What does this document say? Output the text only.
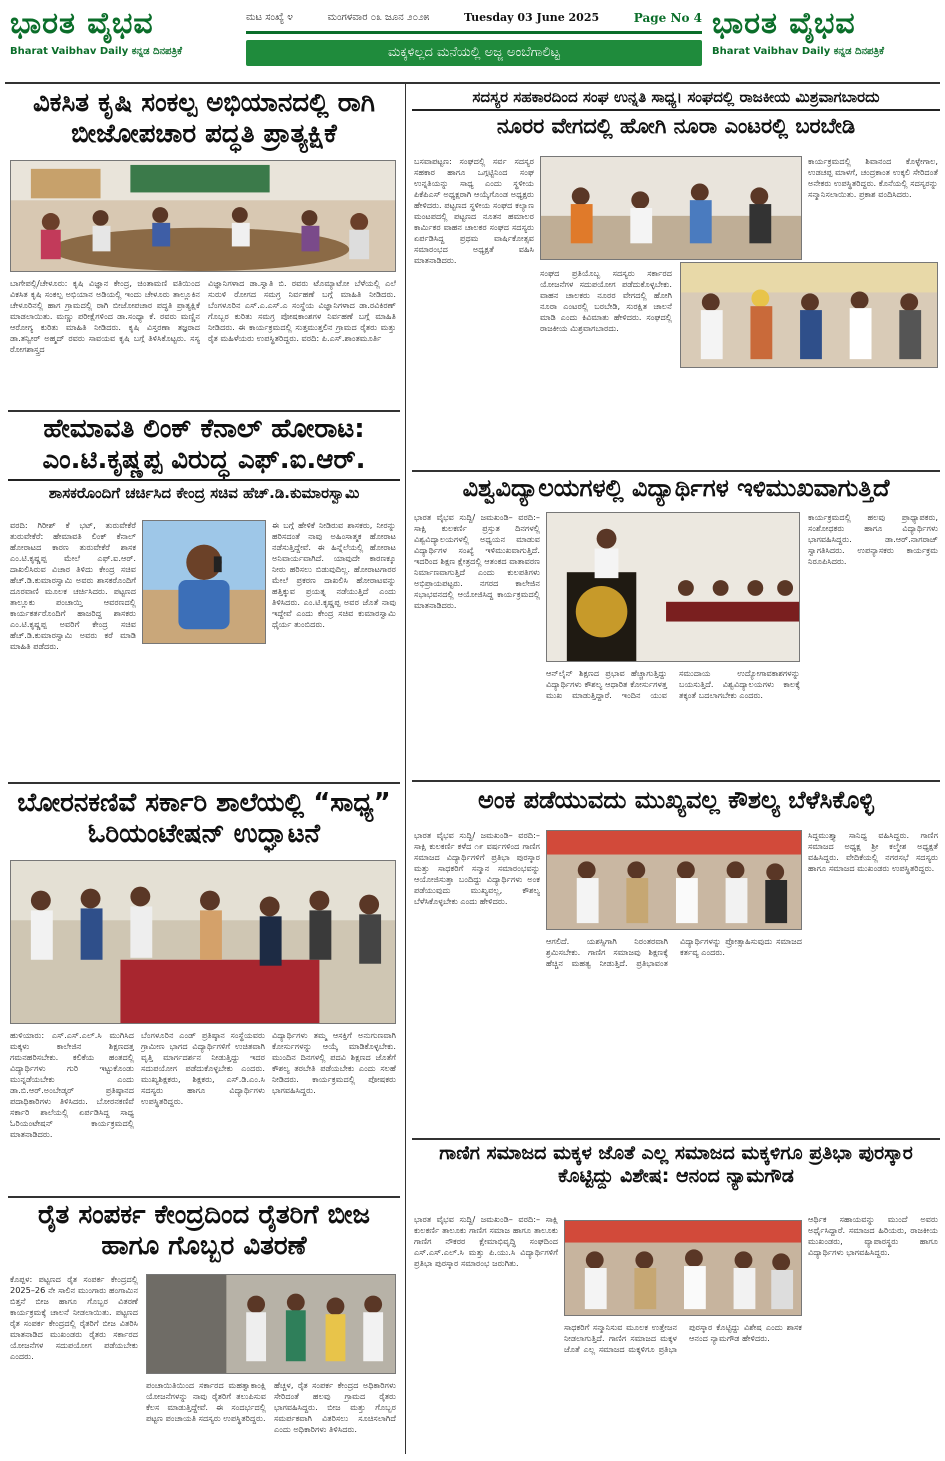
ಭಾರತ ವೈಭವ
Bharat Vaibhav Daily ಕನ್ನಡ ದಿನಪತ್ರಿಕೆ
ಮಟ ಸಂಖ್ಯೆ ೪	ಮಂಗಳವಾರ ೦೩ ಜೂನ ೨೦೨೫	Tuesday 03 June 2025	Page No 4
ಮಕ್ಕಳಿಲ್ಲದ ಮನೆಯಲ್ಲಿ ಅಜ್ಜ ಅಂಬೆಗಾಲಿಟ್ಟ
ಭಾರತ ವೈಭವ
Bharat Vaibhav Daily ಕನ್ನಡ ದಿನಪತ್ರಿಕೆ
ವಿಕಸಿತ ಕೃಷಿ ಸಂಕಲ್ಪ ಅಭಿಯಾನದಲ್ಲಿ ರಾಗಿ ಬೀಜೋಪಚಾರ ಪದ್ಧತಿ ಪ್ರಾತ್ಯಕ್ಷಿಕೆ
ಬಾಗೇಪಲ್ಲಿ/ಚೇಳೂರು: ಕೃಷಿ ವಿಜ್ಞಾನ ಕೇಂದ್ರ, ಚಿಂತಾಮಣಿ ವತಿಯಿಂದ ವಿಕಸಿತ ಕೃಷಿ ಸಂಕಲ್ಪ ಅಭಿಯಾನ ಅಡಿಯಲ್ಲಿ ಇಂದು ಚೇಳೂರು ತಾಲ್ಲೂಕಿನ ಚೇಳೂರಿನಲ್ಲಿ ಹಾಗ ಗ್ರಾಮದಲ್ಲಿ ರಾಗಿ ಬೀಜೋಪಚಾರ ಪದ್ಧತಿ ಪ್ರಾತ್ಯಕ್ಷಿಕೆ ಮಾಡಲಾಯಿತು. ಮಣ್ಣು ಪರೀಕ್ಷೆಗಳಿಂದ ಡಾ.ಸಂಧ್ಯಾ ಕೆ. ರವರು ಮಣ್ಣಿನ ಆರೋಗ್ಯ ಕುರಿತು ಮಾಹಿತಿ ನೀಡಿದರು. ಕೃಷಿ ವಿಸ್ತರಣಾ ತಜ್ಞರಾದ ಡಾ.ತನ್ವೀರ್ ಅಹ್ಮದ್ ರವರು ಸಾವಯವ ಕೃಷಿ ಬಗ್ಗೆ ತಿಳಿಸಿಕೊಟ್ಟರು. ಸಸ್ಯ ರೋಗಶಾಸ್ತ್ರದ
ವಿಜ್ಞಾನಿಗಳಾದ ಡಾ.ಸ್ವಾತಿ ಬಿ. ರವರು ಟೊಮ್ಯಾಟೋ ಬೆಳೆಯಲ್ಲಿ ಎಲೆ ಸುರುಳಿ ರೋಗದ ಸಮಗ್ರ ನಿರ್ವಹಣೆ ಬಗ್ಗೆ ಮಾಹಿತಿ ನೀಡಿದರು. ಬೆಂಗಳೂರಿನ ಎಸ್.ಎ.ಎಸ್.ಎ ಸಂಸ್ಥೆಯ ವಿಜ್ಞಾನಿಗಳಾದ ಡಾ.ರವಿಕಿರಣ್ ಗೊಬ್ಬರ ಕುರಿತು ಸಮಗ್ರ ಪೋಷಕಾಂಶಗಳ ನಿರ್ವಹಣೆ ಬಗ್ಗೆ ಮಾಹಿತಿ ನೀಡಿದರು. ಈ ಕಾರ್ಯಕ್ರಮದಲ್ಲಿ ಸುತ್ತಮುತ್ತಲಿನ ಗ್ರಾಮದ ರೈತರು ಮತ್ತು ರೈತ ಮಹಿಳೆಯರು ಉಪಸ್ಥಿತರಿದ್ದರು. ವರದಿ: ಪಿ.ಎಸ್.ಶಾಂತಮೂರ್ತಿ
ಹೇಮಾವತಿ ಲಿಂಕ್ ಕೆನಾಲ್ ಹೋರಾಟ: ಎಂ.ಟಿ.ಕೃಷ್ಣಪ್ಪ ವಿರುದ್ಧ ಎಫ್.ಐ.ಆರ್.
ಶಾಸಕರೊಂದಿಗೆ ಚರ್ಚಿಸಿದ ಕೇಂದ್ರ ಸಚಿವ ಹೆಚ್.ಡಿ.ಕುಮಾರಸ್ವಾಮಿ
ವರದಿ: ಗಿರೀಶ್ ಕೆ ಭಟ್, ತುರುವೇಕೆರೆ ತುರುವೇಕೆರೆ: ಹೇಮಾವತಿ ಲಿಂಕ್ ಕೆನಾಲ್ ಹೋರಾಟದ ಕಾರಣ ತುರುವೇಕೆರೆ ಶಾಸಕ ಎಂ.ಟಿ.ಕೃಷ್ಣಪ್ಪ ಮೇಲೆ ಎಫ್.ಐ.ಆರ್. ದಾಖಲಿಸಿರುವ ವಿಚಾರ ತಿಳಿದು ಕೇಂದ್ರ ಸಚಿವ ಹೆಚ್.ಡಿ.ಕುಮಾರಸ್ವಾಮಿ ಅವರು ಶಾಸಕರೊಂದಿಗೆ ದೂರವಾಣಿ ಮೂಲಕ ಚರ್ಚಿಸಿದರು. ಪಟ್ಟಣದ ತಾಲ್ಲೂಕು ಪಂಚಾಯ್ತಿ ಆವರಣದಲ್ಲಿ ಕಾರ್ಯಕರ್ತರೊಂದಿಗೆ ಹಾಜರಿದ್ದ ಶಾಸಕರು ಎಂ.ಟಿ.ಕೃಷ್ಣಪ್ಪ ಅವರಿಗೆ ಕೇಂದ್ರ ಸಚಿವ ಹೆಚ್.ಡಿ.ಕುಮಾರಸ್ವಾಮಿ ಅವರು ಕರೆ ಮಾಡಿ ಮಾಹಿತಿ ಪಡೆದರು.
ಈ ಬಗ್ಗೆ ಹೇಳಿಕೆ ನೀಡಿರುವ ಶಾಸಕರು, ನೀರನ್ನು ಹರಿಸದಂತೆ ನಾವು ಅಹಿಂಸಾತ್ಮಕ ಹೋರಾಟ ನಡೆಸುತ್ತಿದ್ದೇವೆ. ಈ ಹಿನ್ನೆಲೆಯಲ್ಲಿ ಹೋರಾಟ ಅನಿವಾರ್ಯವಾಗಿದೆ. ಯಾವುದೇ ಕಾರಣಕ್ಕೂ ನೀರು ಹರಿಸಲು ಬಿಡುವುದಿಲ್ಲ. ಹೋರಾಟಗಾರರ ಮೇಲೆ ಪ್ರಕರಣ ದಾಖಲಿಸಿ ಹೋರಾಟವನ್ನು ಹತ್ತಿಕ್ಕುವ ಪ್ರಯತ್ನ ನಡೆಯುತ್ತಿದೆ ಎಂದು ತಿಳಿಸಿದರು. ಎಂ.ಟಿ.ಕೃಷ್ಣಪ್ಪ ಅವರ ಜೊತೆ ನಾವು ಇದ್ದೇವೆ ಎಂದು ಕೇಂದ್ರ ಸಚಿವ ಕುಮಾರಸ್ವಾಮಿ ಧೈರ್ಯ ತುಂಬಿದರು.
ಬೋರನಕಣಿವೆ ಸರ್ಕಾರಿ ಶಾಲೆಯಲ್ಲಿ “ಸಾಧ್ಯ” ಓರಿಯಂಟೇಷನ್ ಉದ್ಘಾಟನೆ
ಹುಳಿಯಾರು: ಎಸ್.ಎಸ್.ಎಲ್.ಸಿ ಮುಗಿಸಿದ ಮಕ್ಕಳು ಕಾಲೇಜಿನ ಶಿಕ್ಷಣದತ್ತ ಗಮನಹರಿಸಬೇಕು. ಕಲಿಕೆಯ ಹಂತದಲ್ಲಿ ವಿದ್ಯಾರ್ಥಿಗಳು ಗುರಿ ಇಟ್ಟುಕೊಂಡು ಮುನ್ನಡೆಯಬೇಕು ಎಂದು ಡಾ.ಬಿ.ಆರ್.ಅಂಬೇಡ್ಕರ್ ಪ್ರತಿಷ್ಠಾನದ ಪದಾಧಿಕಾರಿಗಳು ತಿಳಿಸಿದರು. ಬೋರನಕಣಿವೆ ಸರ್ಕಾರಿ ಶಾಲೆಯಲ್ಲಿ ಏರ್ಪಡಿಸಿದ್ದ ಸಾಧ್ಯ ಓರಿಯಂಟೇಷನ್ ಕಾರ್ಯಕ್ರಮದಲ್ಲಿ ಮಾತನಾಡಿದರು.
ಬೆಂಗಳೂರಿನ ಎಂಡ್ ಪ್ರತಿಷ್ಠಾನ ಸಂಸ್ಥೆಯವರು ಗ್ರಾಮೀಣ ಭಾಗದ ವಿದ್ಯಾರ್ಥಿಗಳಿಗೆ ಉಚಿತವಾಗಿ ವೃತ್ತಿ ಮಾರ್ಗದರ್ಶನ ನೀಡುತ್ತಿದ್ದು ಇದರ ಸದುಪಯೋಗ ಪಡೆದುಕೊಳ್ಳಬೇಕು ಎಂದರು. ಮುಖ್ಯಶಿಕ್ಷಕರು, ಶಿಕ್ಷಕರು, ಎಸ್.ಡಿ.ಎಂ.ಸಿ ಸದಸ್ಯರು ಹಾಗೂ ವಿದ್ಯಾರ್ಥಿಗಳು ಉಪಸ್ಥಿತರಿದ್ದರು.
ವಿದ್ಯಾರ್ಥಿಗಳು ತಮ್ಮ ಆಸಕ್ತಿಗೆ ಅನುಗುಣವಾಗಿ ಕೋರ್ಸುಗಳನ್ನು ಆಯ್ಕೆ ಮಾಡಿಕೊಳ್ಳಬೇಕು. ಮುಂದಿನ ದಿನಗಳಲ್ಲಿ ಪದವಿ ಶಿಕ್ಷಣದ ಜೊತೆಗೆ ಕೌಶಲ್ಯ ತರಬೇತಿ ಪಡೆಯಬೇಕು ಎಂದು ಸಲಹೆ ನೀಡಿದರು. ಕಾರ್ಯಕ್ರಮದಲ್ಲಿ ಪೋಷಕರು ಭಾಗವಹಿಸಿದ್ದರು.
ರೈತ ಸಂಪರ್ಕ ಕೇಂದ್ರದಿಂದ ರೈತರಿಗೆ ಬೀಜ ಹಾಗೂ ಗೊಬ್ಬರ ವಿತರಣೆ
ಕೊಪ್ಪಳ: ಪಟ್ಟಣದ ರೈತ ಸಂಪರ್ಕ ಕೇಂದ್ರದಲ್ಲಿ 2025–26 ನೇ ಸಾಲಿನ ಮುಂಗಾರು ಹಂಗಾಮಿನ ಬಿತ್ತನೆ ಬೀಜ ಹಾಗೂ ಗೊಬ್ಬರ ವಿತರಣೆ ಕಾರ್ಯಕ್ರಮಕ್ಕೆ ಚಾಲನೆ ನೀಡಲಾಯಿತು. ಪಟ್ಟಣದ ರೈತ ಸಂಪರ್ಕ ಕೇಂದ್ರದಲ್ಲಿ ರೈತರಿಗೆ ಬೀಜ ವಿತರಿಸಿ ಮಾತನಾಡಿದ ಮುಖಂಡರು ರೈತರು ಸರ್ಕಾರದ ಯೋಜನೆಗಳ ಸದುಪಯೋಗ ಪಡೆಯಬೇಕು ಎಂದರು.
ಪಂಚಾಯಿತಿಯಿಂದ ಸರ್ಕಾರದ ಮಹತ್ವಾಕಾಂಕ್ಷಿ ಯೋಜನೆಗಳನ್ನು ನಾವು ರೈತರಿಗೆ ತಲುಪಿಸುವ ಕೆಲಸ ಮಾಡುತ್ತಿದ್ದೇವೆ. ಈ ಸಂದರ್ಭದಲ್ಲಿ ಪಟ್ಟಣ ಪಂಚಾಯತಿ ಸದಸ್ಯರು ಉಪಸ್ಥಿತರಿದ್ದರು.
ಹೆಚ್ಚಳ, ರೈತ ಸಂಪರ್ಕ ಕೇಂದ್ರದ ಅಧಿಕಾರಿಗಳು ಸೇರಿದಂತೆ ಹಲವು ಗ್ರಾಮದ ರೈತರು ಭಾಗವಹಿಸಿದ್ದರು. ಬೀಜ ಮತ್ತು ಗೊಬ್ಬರ ಸಮರ್ಪಕವಾಗಿ ವಿತರಿಸಲು ಸೂಚಿಸಲಾಗಿದೆ ಎಂದು ಅಧಿಕಾರಿಗಳು ತಿಳಿಸಿದರು.
ಸದಸ್ಯರ ಸಹಕಾರದಿಂದ ಸಂಘ ಉನ್ನತಿ ಸಾಧ್ಯ। ಸಂಘದಲ್ಲಿ ರಾಜಕೀಯ ಮಿಶ್ರವಾಗಬಾರದು
ನೂರರ ವೇಗದಲ್ಲಿ ಹೋಗಿ ನೂರಾ ಎಂಟರಲ್ಲಿ ಬರಬೇಡಿ
ಬಸವಾಪಟ್ಟಣ: ಸಂಘದಲ್ಲಿ ಸರ್ವ ಸದಸ್ಯರ ಸಹಕಾರ ಹಾಗೂ ಒಗ್ಗಟ್ಟಿನಿಂದ ಸಂಘ ಉನ್ನತಿಯನ್ನು ಸಾಧ್ಯ ಎಂದು ಸ್ಥಳೀಯ ಪಿಕೆಪಿಎಸ್ ಅಧ್ಯಕ್ಷರಾಗಿ ಆಯ್ಕೆಗೊಂಡ ಅಧ್ಯಕ್ಷರು ಹೇಳಿದರು. ಪಟ್ಟಣದ ಸ್ಥಳೀಯ ಸಂಘದ ಕಲ್ಯಾಣ ಮಂಟಪದಲ್ಲಿ ಪಟ್ಟಣದ ನೂತನ ಹಮಾಲರ ಕಾರ್ಮಿಕರ ವಾಹನ ಚಾಲಕರ ಸಂಘದ ಸದಸ್ಯರು ಏರ್ಪಡಿಸಿದ್ದ ಪ್ರಥಮ ವಾರ್ಷಿಕೋತ್ಸವ ಸಮಾರಂಭದ ಅಧ್ಯಕ್ಷತೆ ವಹಿಸಿ ಮಾತನಾಡಿದರು.
ಸಂಘದ ಪ್ರತಿಯೊಬ್ಬ ಸದಸ್ಯರು ಸರ್ಕಾರದ ಯೋಜನೆಗಳ ಸದುಪಯೋಗ ಪಡೆದುಕೊಳ್ಳಬೇಕು. ವಾಹನ ಚಾಲಕರು ನೂರರ ವೇಗದಲ್ಲಿ ಹೋಗಿ ನೂರಾ ಎಂಟರಲ್ಲಿ ಬರಬೇಡಿ, ಸುರಕ್ಷಿತ ಚಾಲನೆ ಮಾಡಿ ಎಂದು ಕಿವಿಮಾತು ಹೇಳಿದರು. ಸಂಘದಲ್ಲಿ ರಾಜಕೀಯ ಮಿಶ್ರವಾಗಬಾರದು.
ಕಾರ್ಯಕ್ರಮದಲ್ಲಿ ಶಿವಾನಂದ ಕೊಳ್ಳೇಗಾಲ, ಉಡಚಪ್ಪ ಮಾಳಗೆ, ಚಂದ್ರಕಾಂತ ಉಕ್ಕಲಿ ಸೇರಿದಂತೆ ಅನೇಕರು ಉಪಸ್ಥಿತರಿದ್ದರು. ಕೊನೆಯಲ್ಲಿ ಸದಸ್ಯರನ್ನು ಸನ್ಮಾನಿಸಲಾಯಿತು. ಪ್ರಕಾಶ ವಂದಿಸಿದರು.
ವಿಶ್ವವಿದ್ಯಾಲಯಗಳಲ್ಲಿ ವಿದ್ಯಾರ್ಥಿಗಳ ಇಳಿಮುಖವಾಗುತ್ತಿದೆ
ಭಾರತ ವೈಭವ ಸುದ್ದಿ/ ಜಮಖಂಡಿ– ವರದಿ:– ಸಾಕ್ಷಿ ಕುಲಕರ್ಣಿ ಪ್ರಸ್ತುತ ದಿನಗಳಲ್ಲಿ ವಿಶ್ವವಿದ್ಯಾಲಯಗಳಲ್ಲಿ ಅಧ್ಯಯನ ಮಾಡುವ ವಿದ್ಯಾರ್ಥಿಗಳ ಸಂಖ್ಯೆ ಇಳಿಮುಖವಾಗುತ್ತಿದೆ. ಇದರಿಂದ ಶಿಕ್ಷಣ ಕ್ಷೇತ್ರದಲ್ಲಿ ಆತಂಕದ ವಾತಾವರಣ ನಿರ್ಮಾಣವಾಗುತ್ತಿದೆ ಎಂದು ಕುಲಪತಿಗಳು ಅಭಿಪ್ರಾಯಪಟ್ಟರು. ನಗರದ ಕಾಲೇಜಿನ ಸಭಾಭವನದಲ್ಲಿ ಆಯೋಜಿಸಿದ್ದ ಕಾರ್ಯಕ್ರಮದಲ್ಲಿ ಮಾತನಾಡಿದರು.
ಆನ್‌ಲೈನ್ ಶಿಕ್ಷಣದ ಪ್ರಭಾವ ಹೆಚ್ಚಾಗುತ್ತಿದ್ದು ವಿದ್ಯಾರ್ಥಿಗಳು ಕೌಶಲ್ಯ ಆಧಾರಿತ ಕೋರ್ಸುಗಳತ್ತ ಮುಖ ಮಾಡುತ್ತಿದ್ದಾರೆ. ಇಂದಿನ ಯುವ ಸಮುದಾಯ ಉದ್ಯೋಗಾವಕಾಶಗಳನ್ನು ಬಯಸುತ್ತಿದೆ. ವಿಶ್ವವಿದ್ಯಾಲಯಗಳು ಕಾಲಕ್ಕೆ ತಕ್ಕಂತೆ ಬದಲಾಗಬೇಕು ಎಂದರು.
ಕಾರ್ಯಕ್ರಮದಲ್ಲಿ ಹಲವು ಪ್ರಾಧ್ಯಾಪಕರು, ಸಂಶೋಧಕರು ಹಾಗೂ ವಿದ್ಯಾರ್ಥಿಗಳು ಭಾಗವಹಿಸಿದ್ದರು. ಡಾ.ಆರ್.ನಾಗರಾಜ್ ಸ್ವಾಗತಿಸಿದರು. ಉಪನ್ಯಾಸಕರು ಕಾರ್ಯಕ್ರಮ ನಿರೂಪಿಸಿದರು.
ಅಂಕ ಪಡೆಯುವದು ಮುಖ್ಯವಲ್ಲ ಕೌಶಲ್ಯ ಬೆಳೆಸಿಕೊಳ್ಳಿ
ಭಾರತ ವೈಭವ ಸುದ್ದಿ/ ಜಮಖಂಡಿ– ವರದಿ:– ಸಾಕ್ಷಿ ಕುಲಕರ್ಣಿ ಕಳೆದ ೧೯ ವರ್ಷಗಳಿಂದ ಗಾಣಿಗ ಸಮಾಜದ ವಿದ್ಯಾರ್ಥಿಗಳಿಗೆ ಪ್ರತಿಭಾ ಪುರಸ್ಕಾರ ಮತ್ತು ಸಾಧಕರಿಗೆ ಸನ್ಮಾನ ಸಮಾರಂಭವನ್ನು ಆಯೋಜಿಸುತ್ತಾ ಬಂದಿದ್ದು ವಿದ್ಯಾರ್ಥಿಗಳು ಅಂಕ ಪಡೆಯುವುದು ಮುಖ್ಯವಲ್ಲ, ಕೌಶಲ್ಯ ಬೆಳೆಸಿಕೊಳ್ಳಬೇಕು ಎಂದು ಹೇಳಿದರು.
ಆಗಲಿದೆ. ಯಶಸ್ಸಿಗಾಗಿ ನಿರಂತರವಾಗಿ ಶ್ರಮಿಸಬೇಕು. ಗಾಣಿಗ ಸಮಾಜವು ಶಿಕ್ಷಣಕ್ಕೆ ಹೆಚ್ಚಿನ ಮಹತ್ವ ನೀಡುತ್ತಿದೆ. ಪ್ರತಿಭಾವಂತ ವಿದ್ಯಾರ್ಥಿಗಳನ್ನು ಪ್ರೋತ್ಸಾಹಿಸುವುದು ಸಮಾಜದ ಕರ್ತವ್ಯ ಎಂದರು.
ಸಿದ್ದಮುತ್ತ್ಯಾ ಸಾನಿಧ್ಯ ವಹಿಸಿದ್ದರು. ಗಾಣಿಗ ಸಮಾಜದ ಅಧ್ಯಕ್ಷ ಶ್ರೀ ಕಲ್ಮೇಶ ಅಧ್ಯಕ್ಷತೆ ವಹಿಸಿದ್ದರು. ವೇದಿಕೆಯಲ್ಲಿ ನಗರಸಭೆ ಸದಸ್ಯರು ಹಾಗೂ ಸಮಾಜದ ಮುಖಂಡರು ಉಪಸ್ಥಿತರಿದ್ದರು.
ಗಾಣಿಗ ಸಮಾಜದ ಮಕ್ಕಳ ಜೊತೆ ಎಲ್ಲ ಸಮಾಜದ ಮಕ್ಕಳಿಗೂ ಪ್ರತಿಭಾ ಪುರಸ್ಕಾರ ಕೊಟ್ಟಿದ್ದು ವಿಶೇಷ: ಆನಂದ ನ್ಯಾಮಗೌಡ
ಭಾರತ ವೈಭವ ಸುದ್ದಿ/ ಜಮಖಂಡಿ– ವರದಿ:– ಸಾಕ್ಷಿ ಕುಲಕರ್ಣಿ ತಾಲೂಕು ಗಾಣಿಗ ಸಮಾಜ ಹಾಗೂ ತಾಲೂಕು ಗಾಣಿಗ ನೌಕರರ ಕ್ಷೇಮಾಭಿವೃದ್ಧಿ ಸಂಘದಿಂದ ಎಸ್.ಎಸ್.ಎಲ್.ಸಿ ಮತ್ತು ಪಿ.ಯು.ಸಿ ವಿದ್ಯಾರ್ಥಿಗಳಿಗೆ ಪ್ರತಿಭಾ ಪುರಸ್ಕಾರ ಸಮಾರಂಭ ಜರುಗಿತು.
ಸಾಧಕರಿಗೆ ಸನ್ಮಾನಿಸುವ ಮೂಲಕ ಉತ್ತೇಜನ ನೀಡಲಾಗುತ್ತಿದೆ. ಗಾಣಿಗ ಸಮಾಜದ ಮಕ್ಕಳ ಜೊತೆ ಎಲ್ಲ ಸಮಾಜದ ಮಕ್ಕಳಿಗೂ ಪ್ರತಿಭಾ ಪುರಸ್ಕಾರ ಕೊಟ್ಟಿದ್ದು ವಿಶೇಷ ಎಂದು ಶಾಸಕ ಆನಂದ ನ್ಯಾಮಗೌಡ ಹೇಳಿದರು.
ಆರ್ಥಿಕ ಸಹಾಯವನ್ನು ಮುಂದೆ ಅವರು ಅರ್ಥೈಸಿದ್ದಾರೆ. ಸಮಾಜದ ಹಿರಿಯರು, ರಾಜಕೀಯ ಮುಖಂಡರು, ವ್ಯಾಪಾರಸ್ಥರು ಹಾಗೂ ವಿದ್ಯಾರ್ಥಿಗಳು ಭಾಗವಹಿಸಿದ್ದರು.
